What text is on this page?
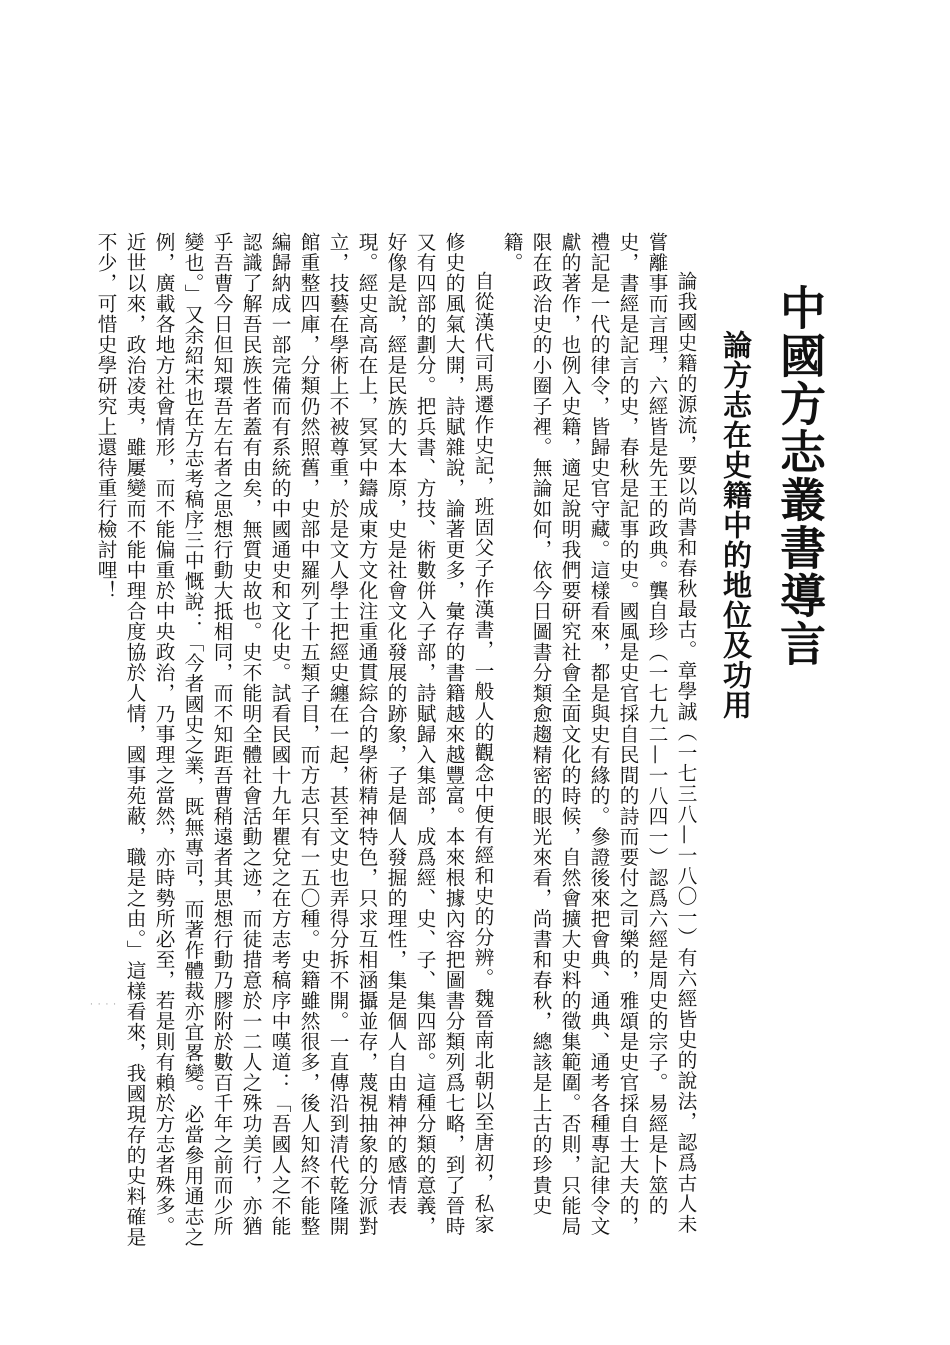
中國方志叢書導言
論方志在史籍中的地位及功用

論我國史籍的源流，要以尚書和春秋最古。章學誠（一七三八—一八〇一）有六經皆史的說法，認爲古人未嘗離事而言理，六經皆是先王的政典。龔自珍（一七九二—一八四一）認爲六經是周史的宗子。易經是卜筮的史，書經是記言的史，春秋是記事的史。國風是史官採自民間的詩而要付之司樂的，雅頌是史官採自士大夫的，禮記是一代的律令，皆歸史官守藏。這樣看來，都是與史有緣的。參證後來把會典、通典、通考各種專記律令文獻的著作，也例入史籍，適足說明我們要研究社會全面文化的時候，自然會擴大史料的徵集範圍。否則，只能局限在政治史的小圈子裡。無論如何，依今日圖書分類愈趨精密的眼光來看，尚書和春秋，總該是上古的珍貴史籍。

自從漢代司馬遷作史記，班固父子作漢書，一般人的觀念中便有經和史的分辨。魏晉南北朝以至唐初，私家修史的風氣大開，詩賦雜說，論著更多，彙存的書籍越來越豐富。本來根據內容把圖書分類列爲七略，到了晉時又有四部的劃分。把兵書、方技、術數併入子部，詩賦歸入集部，成爲經、史、子、集四部。這種分類的意義，好像是說，經是民族的大本原，史是社會文化發展的跡象，子是個人發掘的理性，集是個人自由精神的感情表現。經史高高在上，冥冥中鑄成東方文化注重通貫綜合的學術精神特色，只求互相涵攝並存，蔑視抽象的分派對立，技藝在學術上不被尊重，於是文人學士把經史纏在一起，甚至文史也弄得分拆不開。一直傳沿到清代乾隆開館重整四庫，分類仍然照舊，史部中羅列了十五類子目，而方志只有一五〇種。史籍雖然很多，後人知終不能整編歸納成一部完備而有系統的中國通史和文化史。試看民國十九年瞿兌之在方志考稿序中嘆道：「吾國人之不能認識了解吾民族性者蓋有由矣，無質史故也。史不能明全體社會活動之迹，而徒措意於一二人之殊功美行，亦猶乎吾曹今日但知環吾左右者之思想行動大抵相同，而不知距吾曹稍遠者其思想行動乃膠附於數百千年之前而少所變也。」又余紹宋也在方志考稿序三中慨說：「今者國史之業，既無專司，而著作體裁亦宜畧變。必當參用通志之例，廣載各地方社會情形，而不能偏重於中央政治，乃事理之當然，亦時勢所必至，若是則有賴於方志者殊多。近世以來，政治凌夷，雖屢變而不能中理合度協於人情，國事苑蔽，職是之由。」這樣看來，我國現存的史料確是不少，可惜史學研究上還待重行檢討哩！

· · · ·
